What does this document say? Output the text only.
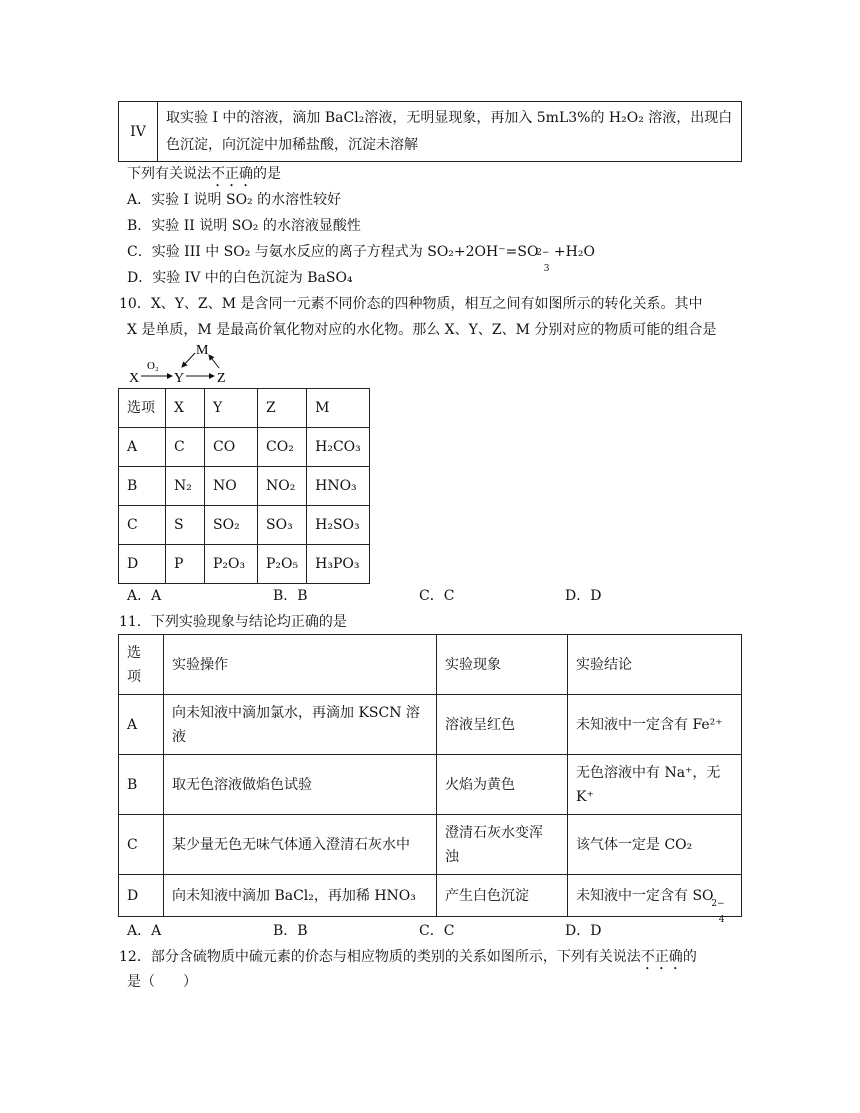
IV	
取实验 I 中的溶液，滴加 BaCl₂溶液，无明显现象，再加入 5mL3%的 H₂O₂ 溶液，出现白
色沉淀，向沉淀中加稀盐酸，沉淀未溶解
下列有关说法不正确的是
A．实验 I 说明 SO₂ 的水溶性较好
B．实验 II 说明 SO₂ 的水溶液显酸性
C．实验 III 中 SO₂ 与氨水反应的离子方程式为 SO₂+2OH⁻=SO
2−
3
+H₂O
D．实验 IV 中的白色沉淀为 BaSO₄
10．X、Y、Z、M 是含同一元素不同价态的四种物质，相互之间有如图所示的转化关系。其中
X 是单质，M 是最高价氧化物对应的水化物。那么 X、Y、Z、M 分别对应的物质可能的组合是
X
O₂
Y Z
M
选项	X	Y	Z	M
A	C	CO	CO₂	H₂CO₃
B	N₂	NO	NO₂	HNO₃
C	S	SO₂	SO₃	H₂SO₃
D	P	P₂O₃	P₂O₅	H₃PO₃
A．A	B．B	C．C	D．D
11．下列实验现象与结论均正确的是
选
项	实验操作	实验现象	实验结论
A	向未知液中滴加氯水，再滴加 KSCN 溶
液	溶液呈红色	未知液中一定含有 Fe²⁺
B	取无色溶液做焰色试验	火焰为黄色	无色溶液中有 Na⁺，无
K⁺
C	某少量无色无味气体通入澄清石灰水中	澄清石灰水变浑
浊	该气体一定是 CO₂
D	向未知液中滴加 BaCl₂，再加稀 HNO₃	产生白色沉淀	未知液中一定含有 SO
2−
4
A．A	B．B	C．C	D．D
12．部分含硫物质中硫元素的价态与相应物质的类别的关系如图所示，下列有关说法不正确的
是（　　）
